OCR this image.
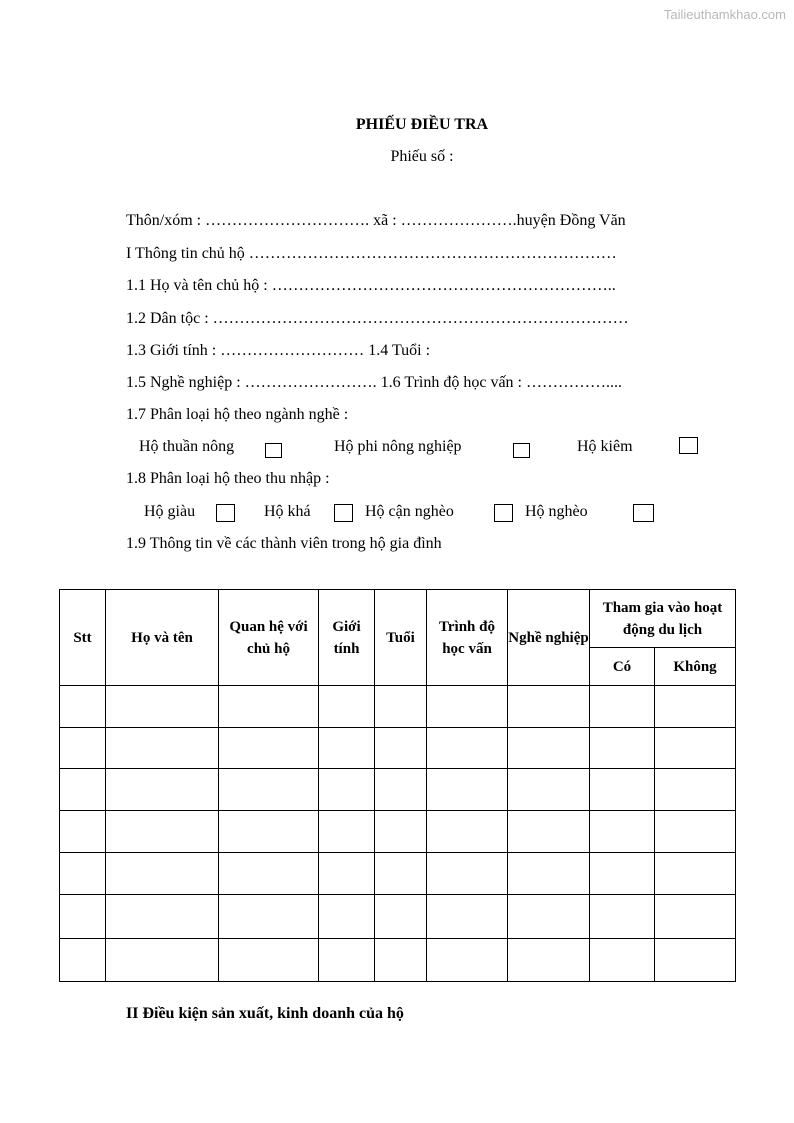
Tailieuthamkhao.com
PHIẾU ĐIỀU TRA
Phiếu số :
Thôn/xóm : …………………………. xã : ………………….huyện Đồng Văn
I Thông tin chủ hộ ……………………………………………………………
1.1 Họ và tên chủ hộ : ………………………………………………………..
1.2 Dân tộc : ……………………………………………………………………
1.3 Giới tính : ……………………… 1.4 Tuổi :
1.5 Nghề nghiệp : ……………………. 1.6 Trình độ học vấn : ……………....
1.7 Phân loại hộ theo ngành nghề :
Hộ thuần nông	Hộ phi nông nghiệp	Hộ kiêm
1.8 Phân loại hộ theo thu nhập :
Hộ giàu	Hộ khá	Hộ cận nghèo	Hộ nghèo
1.9 Thông tin về các thành viên trong hộ gia đình
Stt	Họ và tên	Quan hệ với chủ hộ	Giới tính	Tuổi	Trình độ học vấn	Nghề nghiệp	Tham gia vào hoạt động du lịch	
							Có	Không

II Điều kiện sản xuất, kinh doanh của hộ
